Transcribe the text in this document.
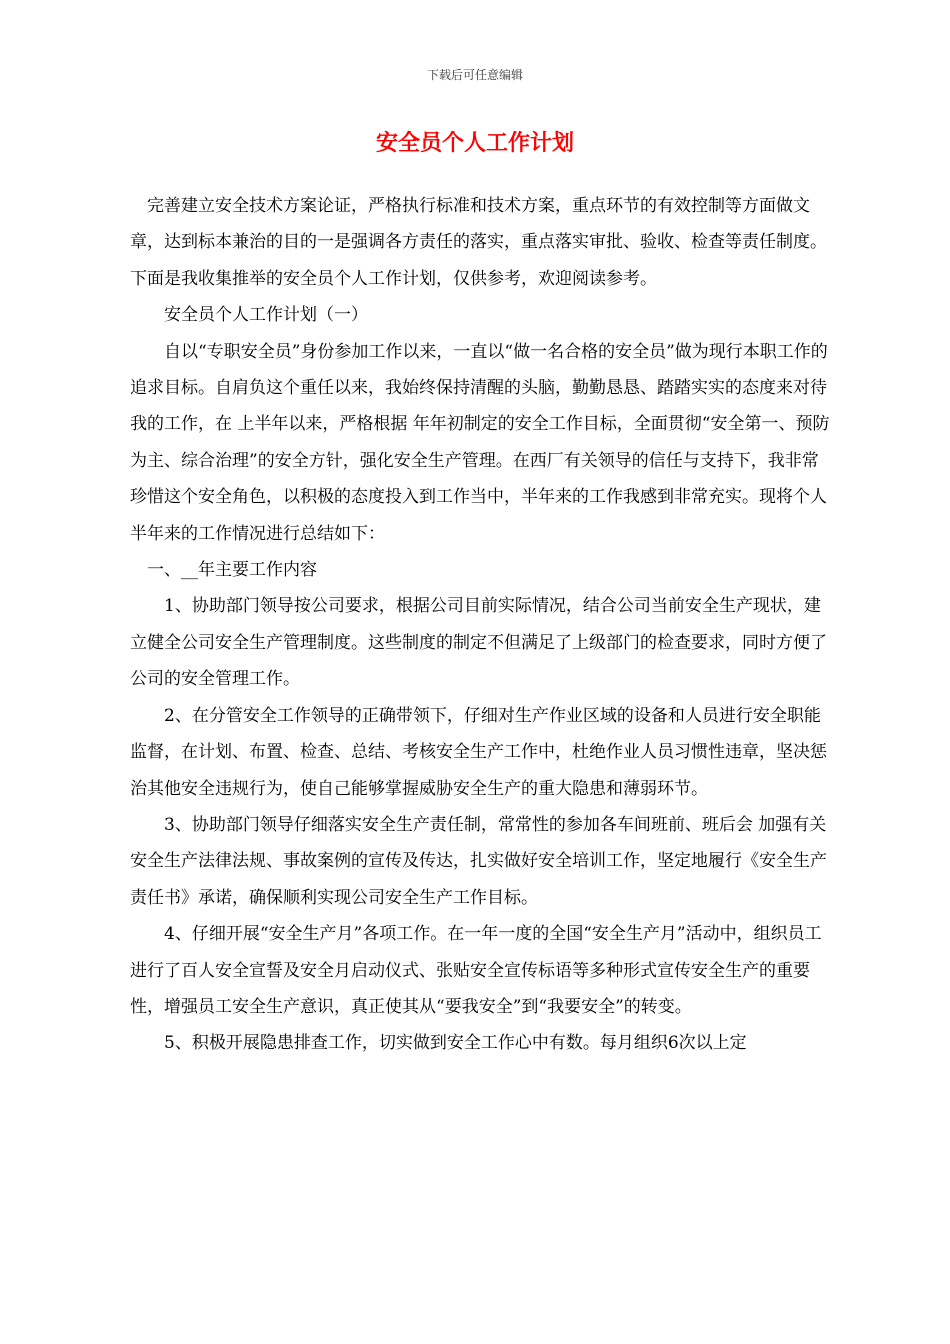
下载后可任意编辑
安全员个人工作计划

完善建立安全技术方案论证，严格执行标准和技术方案，重点环节的有效控制等方面做文章，达到标本兼治的目的一是强调各方责任的落实，重点落实审批、验收、检查等责任制度。下面是我收集推举的安全员个人工作计划，仅供参考，欢迎阅读参考。

安全员个人工作计划（一）

自以“专职安全员”身份参加工作以来，一直以“做一名合格的安全员”做为现行本职工作的追求目标。自肩负这个重任以来，我始终保持清醒的头脑，勤勤恳恳、踏踏实实的态度来对待我的工作，在 上半年以来，严格根据 年年初制定的安全工作目标，全面贯彻“安全第一、预防为主、综合治理”的安全方针，强化安全生产管理。在西厂有关领导的信任与支持下，我非常珍惜这个安全角色，以积极的态度投入到工作当中，半年来的工作我感到非常充实。现将个人半年来的工作情况进行总结如下：

一、__年主要工作内容

1、协助部门领导按公司要求，根据公司目前实际情况，结合公司当前安全生产现状，建立健全公司安全生产管理制度。这些制度的制定不但满足了上级部门的检查要求，同时方便了公司的安全管理工作。

2、在分管安全工作领导的正确带领下，仔细对生产作业区域的设备和人员进行安全职能监督，在计划、布置、检查、总结、考核安全生产工作中，杜绝作业人员习惯性违章，坚决惩治其他安全违规行为，使自己能够掌握威胁安全生产的重大隐患和薄弱环节。

3、协助部门领导仔细落实安全生产责任制，常常性的参加各车间班前、班后会 加强有关安全生产法律法规、事故案例的宣传及传达，扎实做好安全培训工作，坚定地履行《安全生产责任书》承诺，确保顺利实现公司安全生产工作目标。

4、仔细开展“安全生产月”各项工作。在一年一度的全国“安全生产月”活动中，组织员工进行了百人安全宣誓及安全月启动仪式、张贴安全宣传标语等多种形式宣传安全生产的重要性，增强员工安全生产意识，真正使其从“要我安全”到“我要安全”的转变。

5、积极开展隐患排查工作，切实做到安全工作心中有数。每月组织6次以上定
